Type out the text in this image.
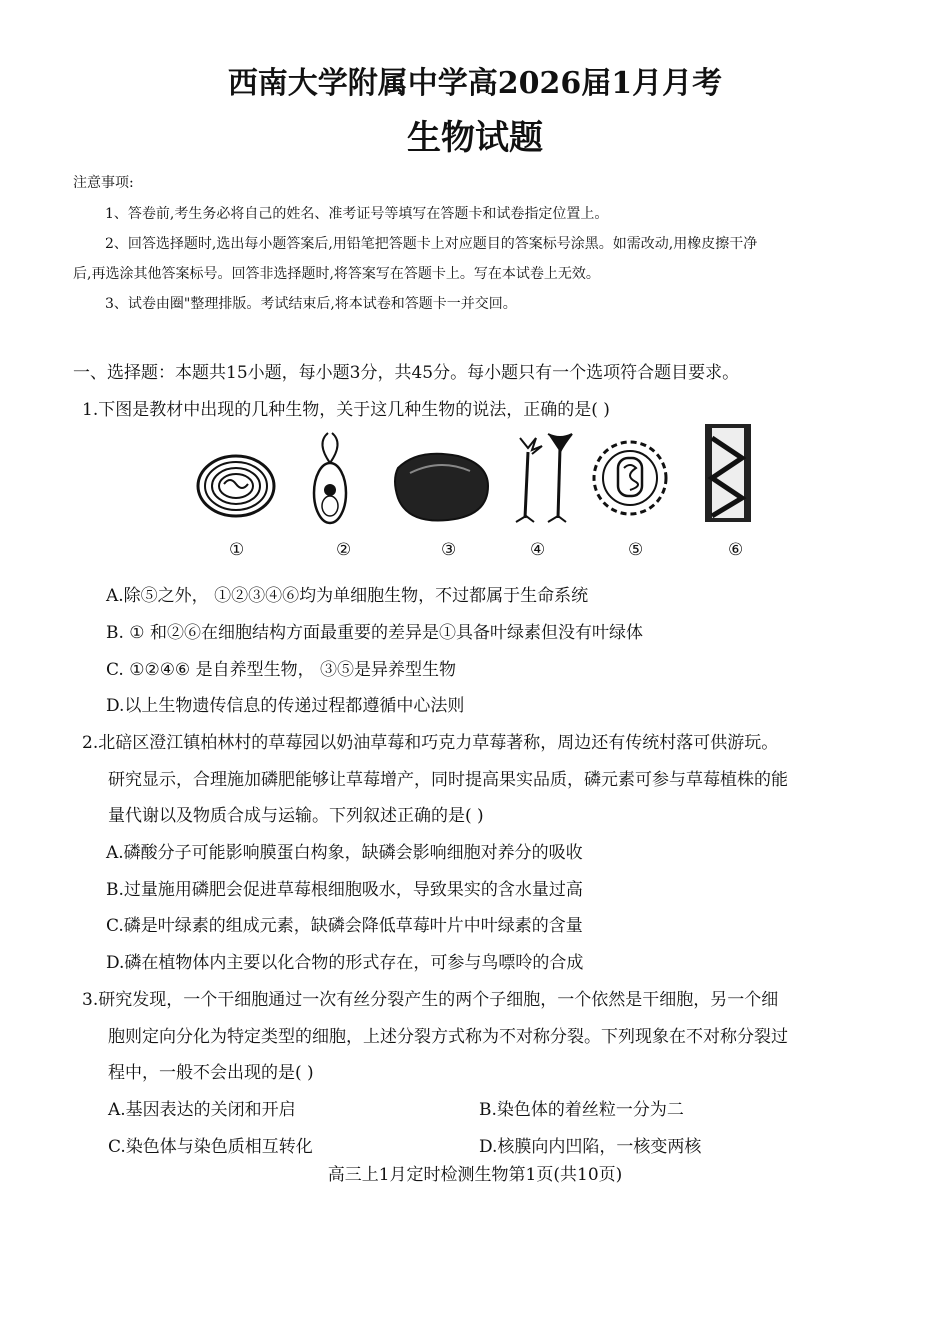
西南大学附属中学高2026届1月月考
生物试题
注意事项:
1、答卷前,考生务必将自己的姓名、准考证号等填写在答题卡和试卷指定位置上。
2、回答选择题时,选出每小题答案后,用铅笔把答题卡上对应题目的答案标号涂黑。如需改动,用橡皮擦干净
后,再选涂其他答案标号。回答非选择题时,将答案写在答题卡上。写在本试卷上无效。
3、试卷由圈"整理排版。考试结束后,将本试卷和答题卡一并交回。
一、选择题：本题共15小题，每小题3分，共45分。每小题只有一个选项符合题目要求。
1.下图是教材中出现的几种生物，关于这几种生物的说法，正确的是( )
①	②	③	④	⑤	⑥
A.除⑤之外， ①②③④⑥均为单细胞生物，不过都属于生命系统
B. ① 和②⑥在细胞结构方面最重要的差异是①具备叶绿素但没有叶绿体
C. ①②④⑥ 是自养型生物， ③⑤是异养型生物
D.以上生物遗传信息的传递过程都遵循中心法则
2.北碚区澄江镇柏林村的草莓园以奶油草莓和巧克力草莓著称，周边还有传统村落可供游玩。
研究显示，合理施加磷肥能够让草莓增产，同时提高果实品质，磷元素可参与草莓植株的能
量代谢以及物质合成与运输。下列叙述正确的是( )
A.磷酸分子可能影响膜蛋白构象，缺磷会影响细胞对养分的吸收
B.过量施用磷肥会促进草莓根细胞吸水，导致果实的含水量过高
C.磷是叶绿素的组成元素，缺磷会降低草莓叶片中叶绿素的含量
D.磷在植物体内主要以化合物的形式存在，可参与鸟嘌呤的合成
3.研究发现，一个干细胞通过一次有丝分裂产生的两个子细胞，一个依然是干细胞，另一个细
胞则定向分化为特定类型的细胞，上述分裂方式称为不对称分裂。下列现象在不对称分裂过
程中，一般不会出现的是( )
A.基因表达的关闭和开启	B.染色体的着丝粒一分为二
C.染色体与染色质相互转化	D.核膜向内凹陷，一核变两核
高三上1月定时检测生物第1页(共10页)
